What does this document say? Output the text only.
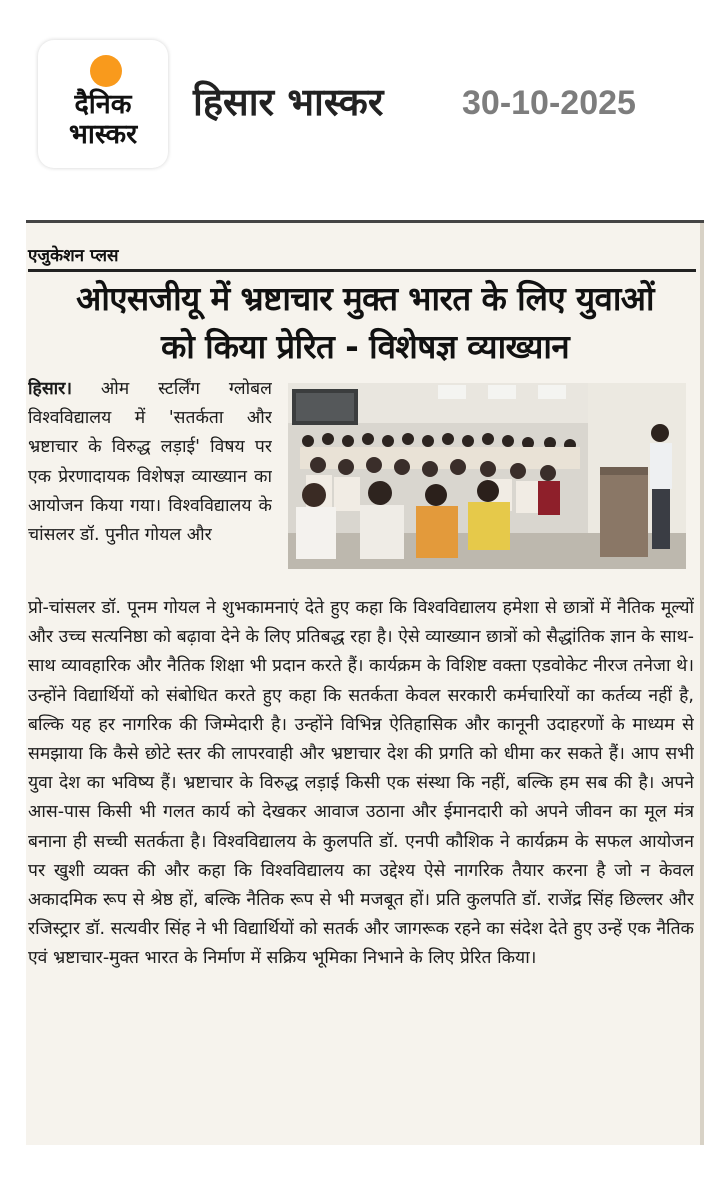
दैनिक
भास्कर
हिसार भास्कर 30-10-2025
एजुकेशन प्लस
ओएसजीयू में भ्रष्टाचार मुक्त भारत के लिए युवाओं
को किया प्रेरित - विशेषज्ञ व्याख्यान
हिसार। ओम स्टर्लिंग ग्लोबल विश्वविद्यालय में 'सतर्कता और भ्रष्टाचार के विरुद्ध लड़ाई' विषय पर एक प्रेरणादायक विशेषज्ञ व्याख्यान का आयोजन किया गया। विश्वविद्यालय के चांसलर डॉ. पुनीत गोयल और
प्रो-चांसलर डॉ. पूनम गोयल ने शुभकामनाएं देते हुए कहा कि विश्वविद्यालय हमेशा से छात्रों में नैतिक मूल्यों और उच्च सत्यनिष्ठा को बढ़ावा देने के लिए प्रतिबद्ध रहा है। ऐसे व्याख्यान छात्रों को सैद्धांतिक ज्ञान के साथ-साथ व्यावहारिक और नैतिक शिक्षा भी प्रदान करते हैं। कार्यक्रम के विशिष्ट वक्ता एडवोकेट नीरज तनेजा थे। उन्होंने विद्यार्थियों को संबोधित करते हुए कहा कि सतर्कता केवल सरकारी कर्मचारियों का कर्तव्य नहीं है, बल्कि यह हर नागरिक की जिम्मेदारी है। उन्होंने विभिन्न ऐतिहासिक और कानूनी उदाहरणों के माध्यम से समझाया कि कैसे छोटे स्तर की लापरवाही और भ्रष्टाचार देश की प्रगति को धीमा कर सकते हैं। आप सभी युवा देश का भविष्य हैं। भ्रष्टाचार के विरुद्ध लड़ाई किसी एक संस्था कि नहीं, बल्कि हम सब की है। अपने आस-पास किसी भी गलत कार्य को देखकर आवाज उठाना और ईमानदारी को अपने जीवन का मूल मंत्र बनाना ही सच्ची सतर्कता है। विश्वविद्यालय के कुलपति डॉ. एनपी कौशिक ने कार्यक्रम के सफल आयोजन पर खुशी व्यक्त की और कहा कि विश्वविद्यालय का उद्देश्य ऐसे नागरिक तैयार करना है जो न केवल अकादमिक रूप से श्रेष्ठ हों, बल्कि नैतिक रूप से भी मजबूत हों। प्रति कुलपति डॉ. राजेंद्र सिंह छिल्लर और रजिस्ट्रार डॉ. सत्यवीर सिंह ने भी विद्यार्थियों को सतर्क और जागरूक रहने का संदेश देते हुए उन्हें एक नैतिक एवं भ्रष्टाचार-मुक्त भारत के निर्माण में सक्रिय भूमिका निभाने के लिए प्रेरित किया।
